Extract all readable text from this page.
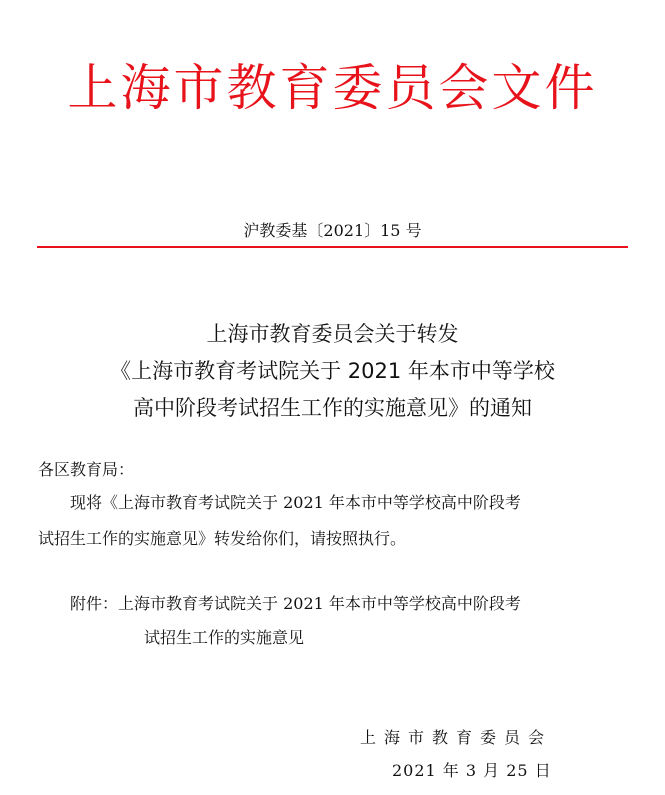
上海市教育委员会文件
沪教委基〔2021〕15 号
上海市教育委员会关于转发
《上海市教育考试院关于 2021 年本市中等学校
高中阶段考试招生工作的实施意见》的通知
各区教育局：
现将《上海市教育考试院关于 2021 年本市中等学校高中阶段考
试招生工作的实施意见》转发给你们，请按照执行。
附件：上海市教育考试院关于 2021 年本市中等学校高中阶段考
试招生工作的实施意见
上海市教育委员会
2021 年 3 月 25 日
